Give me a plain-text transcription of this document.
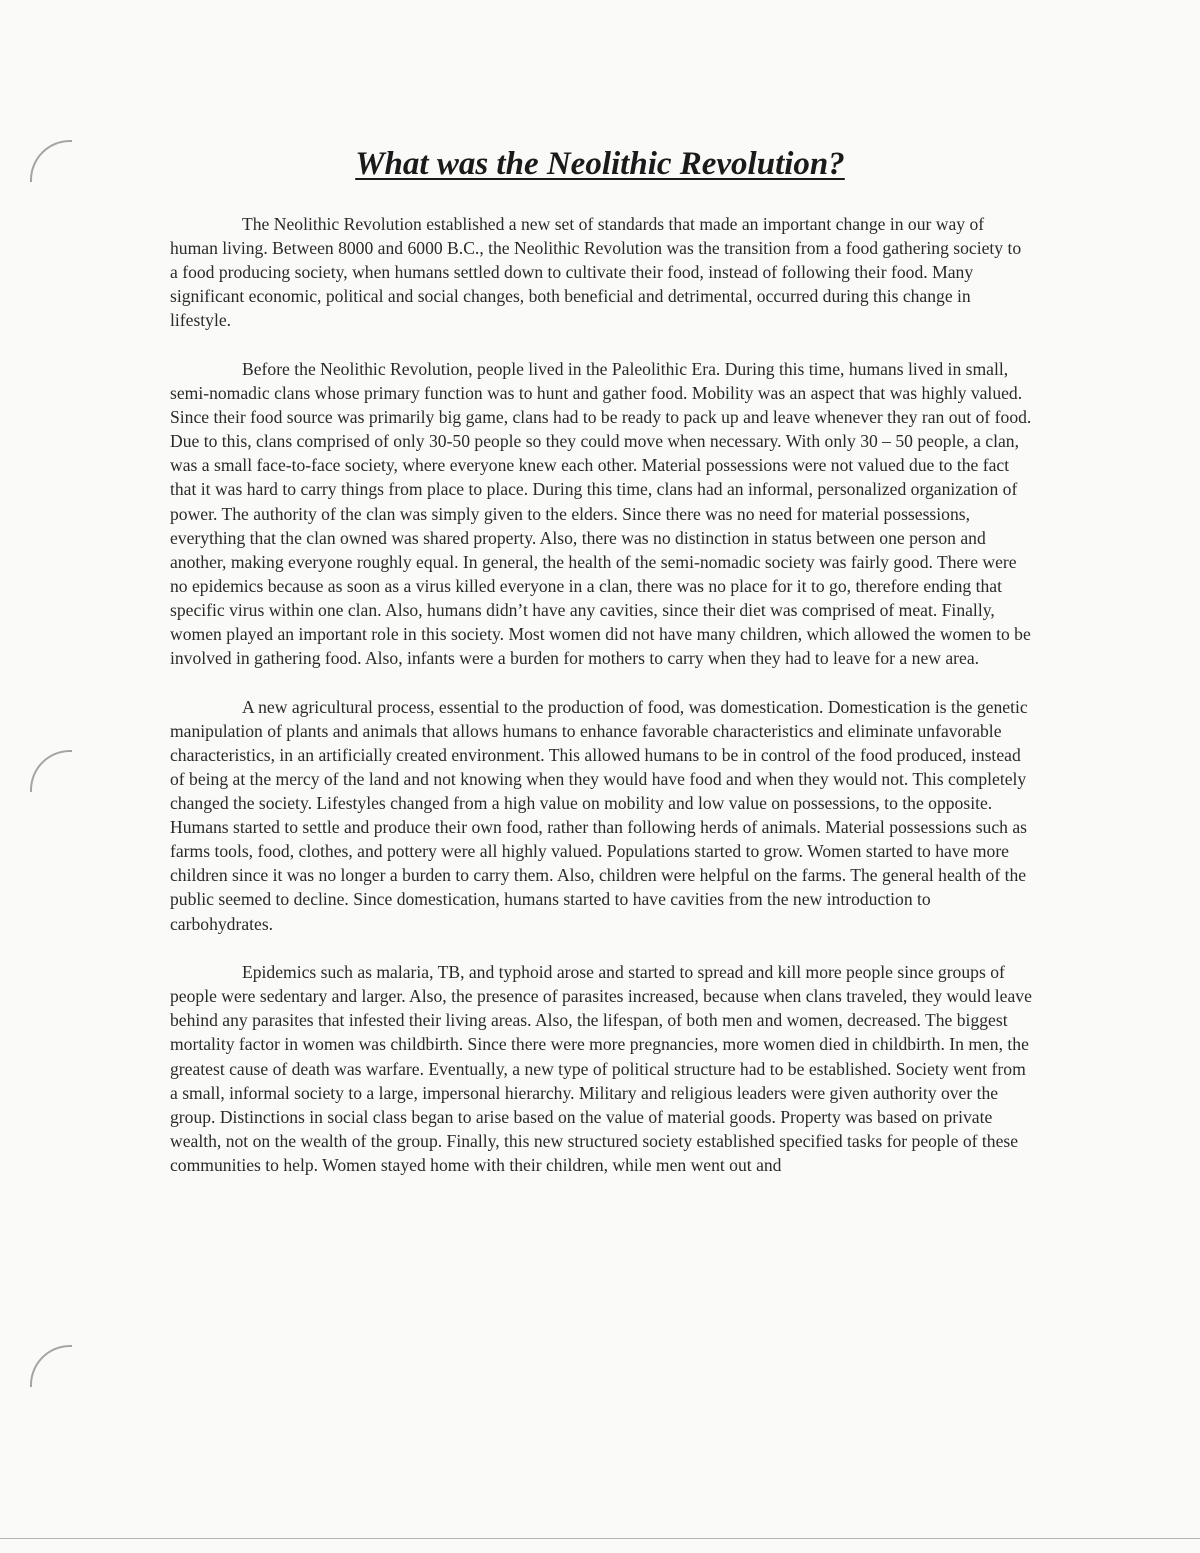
What was the Neolithic Revolution?

The Neolithic Revolution established a new set of standards that made an important change in our way of human living. Between 8000 and 6000 B.C., the Neolithic Revolution was the transition from a food gathering society to a food producing society, when humans settled down to cultivate their food, instead of following their food. Many significant economic, political and social changes, both beneficial and detrimental, occurred during this change in lifestyle.

Before the Neolithic Revolution, people lived in the Paleolithic Era. During this time, humans lived in small, semi-nomadic clans whose primary function was to hunt and gather food. Mobility was an aspect that was highly valued. Since their food source was primarily big game, clans had to be ready to pack up and leave whenever they ran out of food. Due to this, clans comprised of only 30-50 people so they could move when necessary. With only 30 – 50 people, a clan, was a small face-to-face society, where everyone knew each other. Material possessions were not valued due to the fact that it was hard to carry things from place to place. During this time, clans had an informal, personalized organization of power. The authority of the clan was simply given to the elders. Since there was no need for material possessions, everything that the clan owned was shared property. Also, there was no distinction in status between one person and another, making everyone roughly equal. In general, the health of the semi-nomadic society was fairly good. There were no epidemics because as soon as a virus killed everyone in a clan, there was no place for it to go, therefore ending that specific virus within one clan. Also, humans didn’t have any cavities, since their diet was comprised of meat. Finally, women played an important role in this society. Most women did not have many children, which allowed the women to be involved in gathering food. Also, infants were a burden for mothers to carry when they had to leave for a new area.

A new agricultural process, essential to the production of food, was domestication. Domestication is the genetic manipulation of plants and animals that allows humans to enhance favorable characteristics and eliminate unfavorable characteristics, in an artificially created environment. This allowed humans to be in control of the food produced, instead of being at the mercy of the land and not knowing when they would have food and when they would not. This completely changed the society. Lifestyles changed from a high value on mobility and low value on possessions, to the opposite. Humans started to settle and produce their own food, rather than following herds of animals. Material possessions such as farms tools, food, clothes, and pottery were all highly valued. Populations started to grow. Women started to have more children since it was no longer a burden to carry them. Also, children were helpful on the farms. The general health of the public seemed to decline. Since domestication, humans started to have cavities from the new introduction to carbohydrates.

Epidemics such as malaria, TB, and typhoid arose and started to spread and kill more people since groups of people were sedentary and larger. Also, the presence of parasites increased, because when clans traveled, they would leave behind any parasites that infested their living areas. Also, the lifespan, of both men and women, decreased. The biggest mortality factor in women was childbirth. Since there were more pregnancies, more women died in childbirth. In men, the greatest cause of death was warfare. Eventually, a new type of political structure had to be established. Society went from a small, informal society to a large, impersonal hierarchy. Military and religious leaders were given authority over the group. Distinctions in social class began to arise based on the value of material goods. Property was based on private wealth, not on the wealth of the group. Finally, this new structured society established specified tasks for people of these communities to help. Women stayed home with their children, while men went out and
